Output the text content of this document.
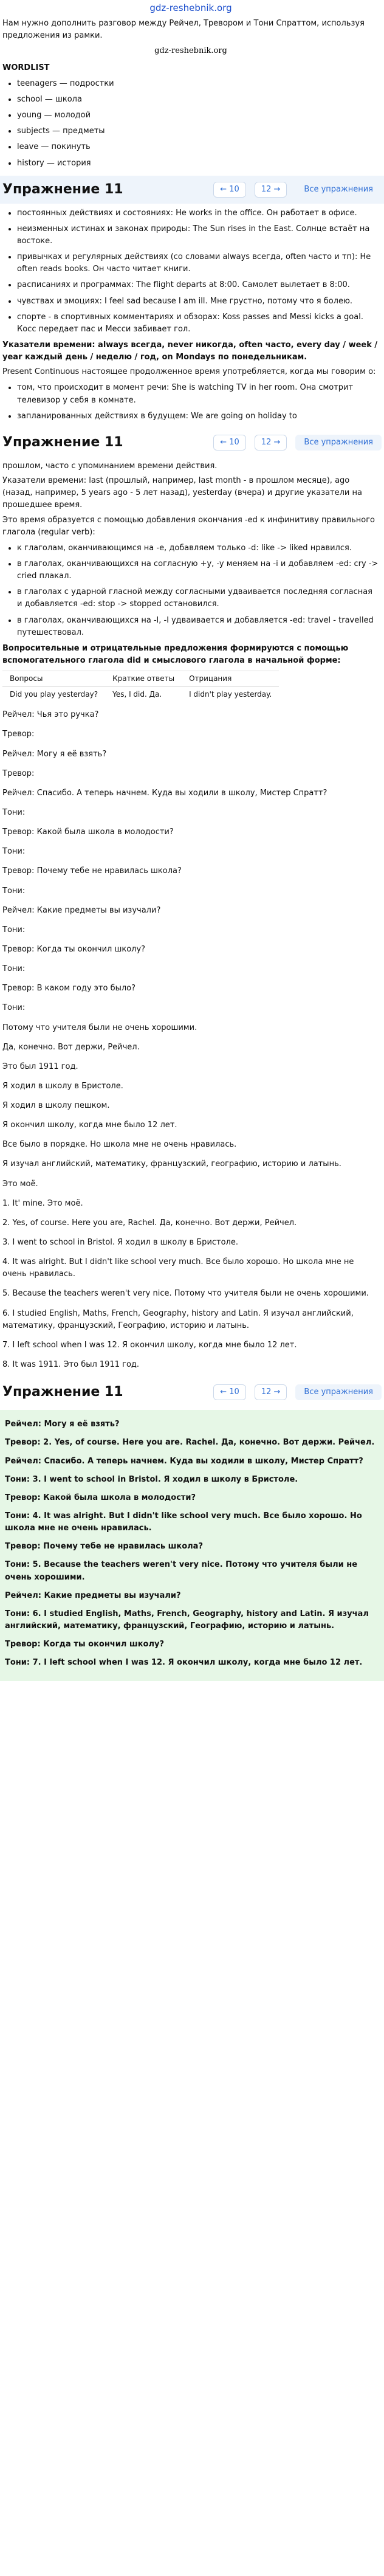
gdz-reshebnik.org

Нам нужно дополнить разговор между Рейчел, Тревором и Тони Спраттом, используя предложения из рамки.

gdz-reshebnik.org
WORDLIST
• teenagers — подростки
• school — школа
• young — молодой
• subjects — предметы
• leave — покинуть
• history — история
Упражнение 11	← 10	12 →	Все упражнения
• постоянных действиях и состояниях: He works in the office. Он работает в офисе.
• неизменных истинах и законах природы: The Sun rises in the East. Солнце встаёт на востоке.
• привычках и регулярных действиях (со словами always всегда, often часто и тп): He often reads books. Он часто читает книги.
• расписаниях и программах: The flight departs at 8:00. Самолет вылетает в 8:00.
• чувствах и эмоциях: I feel sad because I am ill. Мне грустно, потому что я болею.
• спорте - в спортивных комментариях и обзорах: Koss passes and Messi kicks a goal. Косс передает пас и Месси забивает гол.

Указатели времени: always всегда, never никогда, often часто, every day / week / year каждый день / неделю / год, on Mondays по понедельникам.

Present Continuous настоящее продолженное время употребляется, когда мы говорим о:

• том, что происходит в момент речи: She is watching TV in her room. Она смотрит телевизор у себя в комнате.
• запланированных действиях в будущем: We are going on holiday to
Упражнение 11	← 10	12 →	Все упражнения

прошлом, часто с упоминанием времени действия.

Указатели времени: last (прошлый, например, last month - в прошлом месяце), ago (назад, например, 5 years ago - 5 лет назад), yesterday (вчера) и другие указатели на прошедшее время.

Это время образуется с помощью добавления окончания -ed к инфинитиву правильного глагола (regular verb):

• к глаголам, оканчивающимся на -e, добавляем только -d: like -> liked нравился.
• в глаголах, оканчивающихся на согласную +y, -y меняем на -i и добавляем -ed: cry -> cried плакал.
• в глаголах с ударной гласной между согласными удваивается последняя согласная и добавляется -ed: stop -> stopped остановился.
• в глаголах, оканчивающихся на -l, -l удваивается и добавляется -ed: travel - travelled путешествовал.

Вопросительные и отрицательные предложения формируются с помощью вспомогательного глагола did и смыслового глагола в начальной форме:

Вопросы	Краткие ответы	Отрицания
Did you play yesterday?	Yes, I did. Да.	I didn't play yesterday.

Рейчел: Чья это ручка?

Тревор:

Рейчел: Могу я её взять?

Тревор:

Рейчел: Спасибо. А теперь начнем. Куда вы ходили в школу, Мистер Спратт?

Тони:

Тревор: Какой была школа в молодости?

Тони:

Тревор: Почему тебе не нравилась школа?

Тони:

Рейчел: Какие предметы вы изучали?

Тони:

Тревор: Когда ты окончил школу?

Тони:

Тревор: В каком году это было?

Тони:

Потому что учителя были не очень хорошими.

Да, конечно. Вот держи, Рейчел.

Это был 1911 год.

Я ходил в школу в Бристоле.

Я ходил в школу пешком.

Я окончил школу, когда мне было 12 лет.

Все было в порядке. Но школа мне не очень нравилась.

Я изучал английский, математику, французский, географию, историю и латынь.

Это моё.

1. It' mine. Это моё.

2. Yes, of course. Here you are, Rachel. Да, конечно. Вот держи, Рейчел.

3. I went to school in Bristol. Я ходил в школу в Бристоле.

4. It was alright. But I didn't like school very much. Все было хорошо. Но школа мне не очень нравилась.

5. Because the teachers weren't very nice. Потому что учителя были не очень хорошими.

6. I studied English, Maths, French, Geography, history and Latin. Я изучал английский, математику, французский, Географию, историю и латынь.

7. I left school when I was 12. Я окончил школу, когда мне было 12 лет.

8. It was 1911. Это был 1911 год.

Упражнение 11	← 10	12 →	Все упражнения

Рейчел: Могу я её взять?

Тревор: 2. Yes, of course. Here you are. Rachel. Да, конечно. Вот держи. Рейчел.

Рейчел: Спасибо. А теперь начнем. Куда вы ходили в школу, Мистер Спратт?

Тони: 3. I went to school in Bristol. Я ходил в школу в Бристоле.

Тревор: Какой была школа в молодости?

Тони: 4. It was alright. But I didn't like school very much. Все было хорошо. Но школа мне не очень нравилась.

Тревор: Почему тебе не нравилась школа?

Тони: 5. Because the teachers weren't very nice. Потому что учителя были не очень хорошими.

Рейчел: Какие предметы вы изучали?

Тони: 6. I studied English, Maths, French, Geography, history and Latin. Я изучал английский, математику, французский, Географию, историю и латынь.

Тревор: Когда ты окончил школу?

Тони: 7. I left school when I was 12. Я окончил школу, когда мне было 12 лет.
